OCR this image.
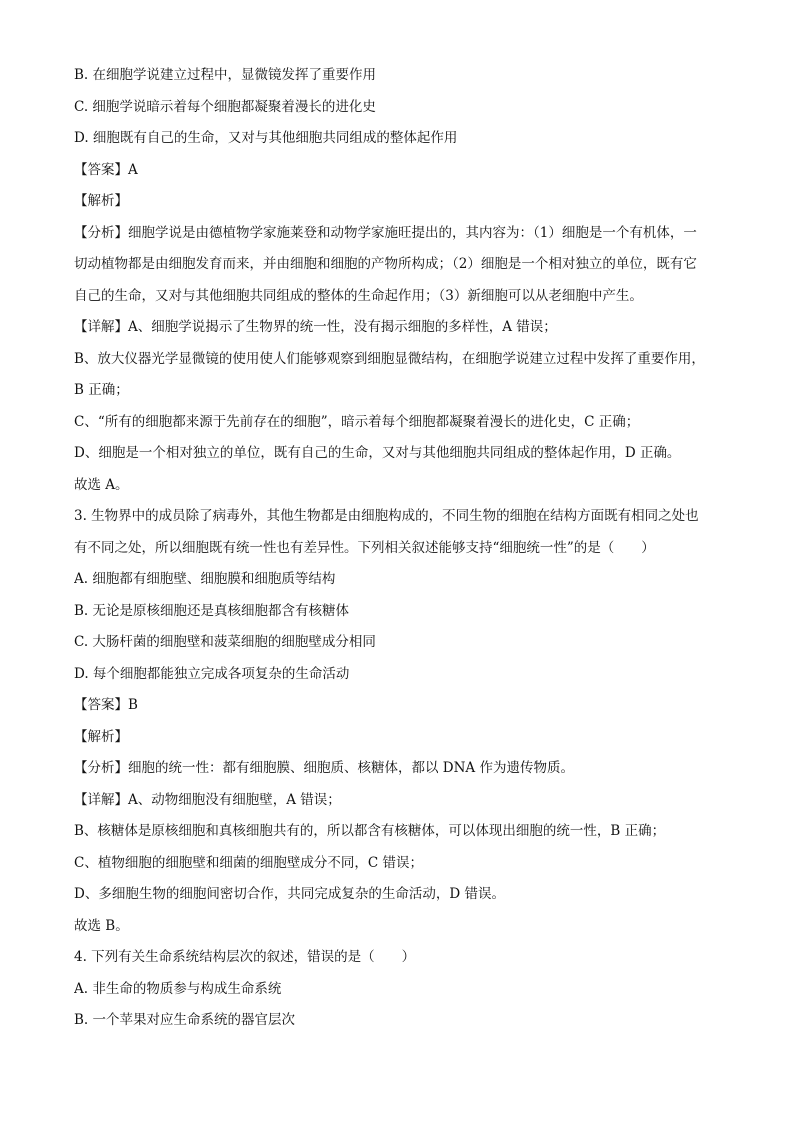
B. 在细胞学说建立过程中，显微镜发挥了重要作用
C. 细胞学说暗示着每个细胞都凝聚着漫长的进化史
D. 细胞既有自己的生命，又对与其他细胞共同组成的整体起作用
【答案】A
【解析】
【分析】细胞学说是由德植物学家施莱登和动物学家施旺提出的，其内容为：（1）细胞是一个有机体，一
切动植物都是由细胞发育而来，并由细胞和细胞的产物所构成；（2）细胞是一个相对独立的单位，既有它
自己的生命，又对与其他细胞共同组成的整体的生命起作用；（3）新细胞可以从老细胞中产生。
【详解】A、细胞学说揭示了生物界的统一性，没有揭示细胞的多样性，A 错误；
B、放大仪器光学显微镜的使用使人们能够观察到细胞显微结构，在细胞学说建立过程中发挥了重要作用，
B 正确；
C、“所有的细胞都来源于先前存在的细胞”，暗示着每个细胞都凝聚着漫长的进化史，C 正确；
D、细胞是一个相对独立的单位，既有自己的生命，又对与其他细胞共同组成的整体起作用，D 正确。
故选 A。
3. 生物界中的成员除了病毒外，其他生物都是由细胞构成的，不同生物的细胞在结构方面既有相同之处也
有不同之处，所以细胞既有统一性也有差异性。下列相关叙述能够支持“细胞统一性”的是（　　）
A. 细胞都有细胞壁、细胞膜和细胞质等结构
B. 无论是原核细胞还是真核细胞都含有核糖体
C. 大肠杆菌的细胞壁和菠菜细胞的细胞壁成分相同
D. 每个细胞都能独立完成各项复杂的生命活动
【答案】B
【解析】
【分析】细胞的统一性：都有细胞膜、细胞质、核糖体，都以 DNA 作为遗传物质。
【详解】A、动物细胞没有细胞壁，A 错误；
B、核糖体是原核细胞和真核细胞共有的，所以都含有核糖体，可以体现出细胞的统一性，B 正确；
C、植物细胞的细胞壁和细菌的细胞壁成分不同，C 错误；
D、多细胞生物的细胞间密切合作，共同完成复杂的生命活动，D 错误。
故选 B。
4. 下列有关生命系统结构层次的叙述，错误的是（　　）
A. 非生命的物质参与构成生命系统
B. 一个苹果对应生命系统的器官层次
